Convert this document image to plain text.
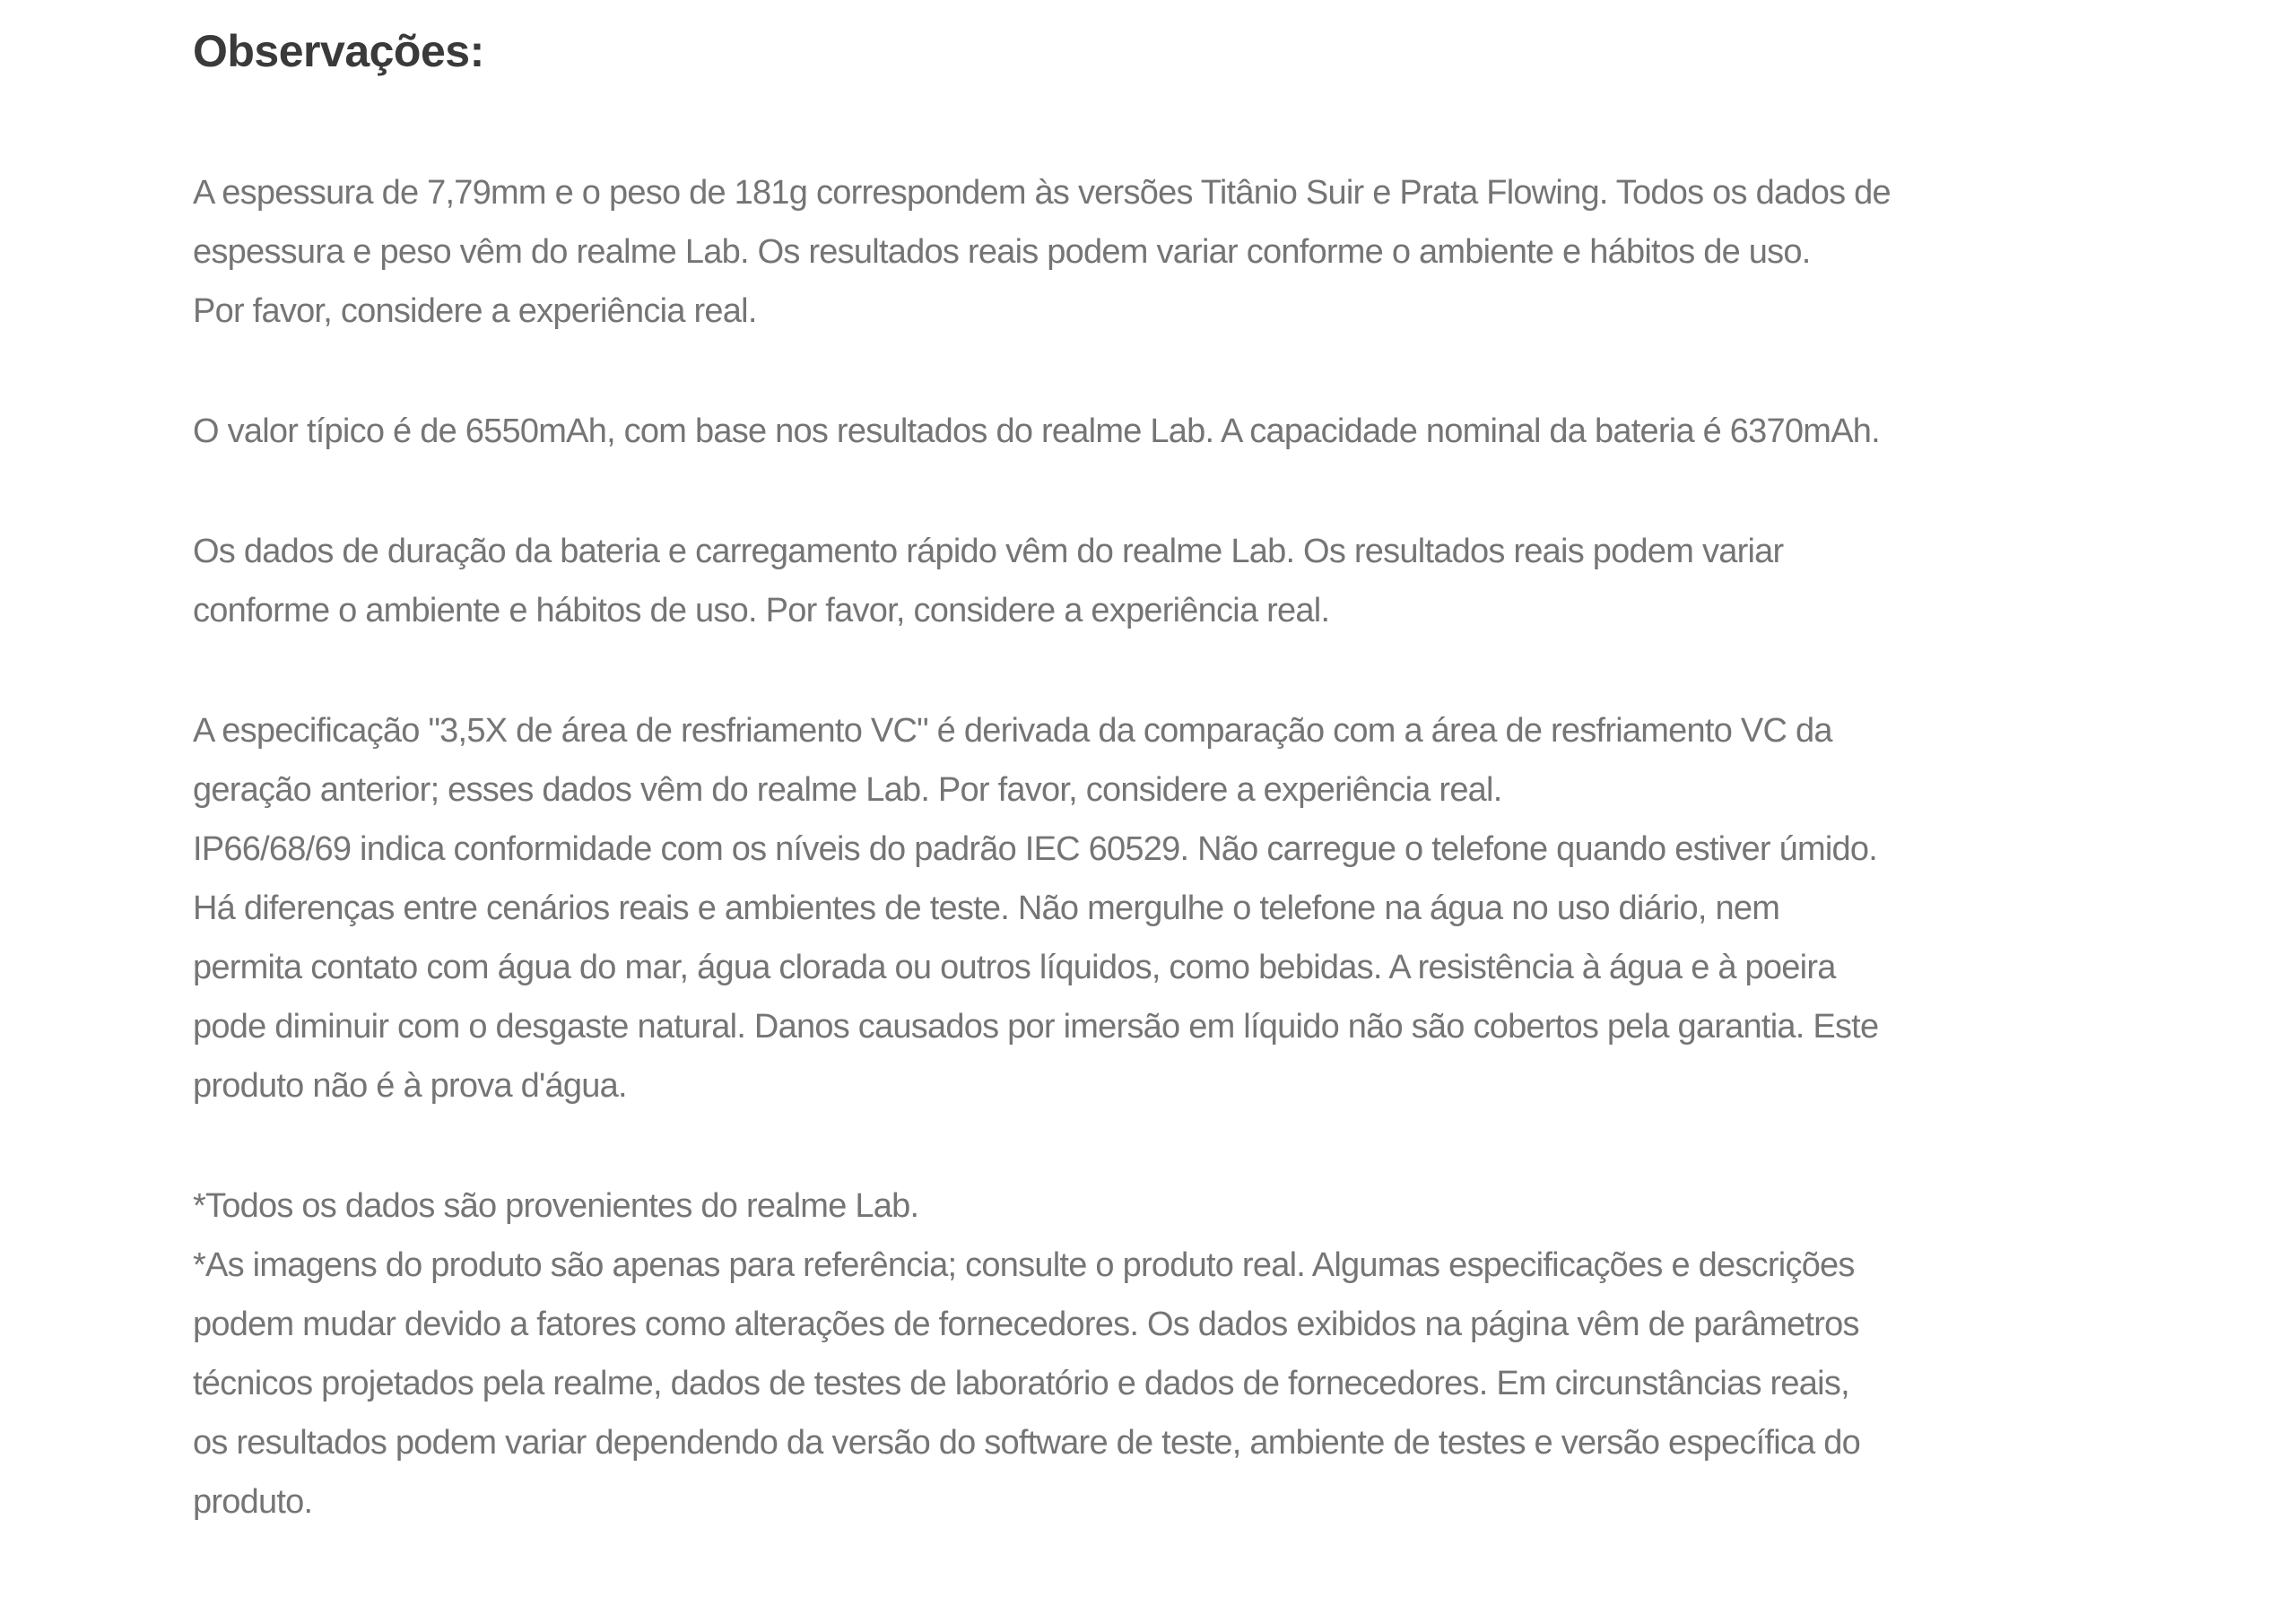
Observações:

A espessura de 7,79mm e o peso de 181g correspondem às versões Titânio Suir e Prata Flowing. Todos os dados de
espessura e peso vêm do realme Lab. Os resultados reais podem variar conforme o ambiente e hábitos de uso.
Por favor, considere a experiência real.

O valor típico é de 6550mAh, com base nos resultados do realme Lab. A capacidade nominal da bateria é 6370mAh.

Os dados de duração da bateria e carregamento rápido vêm do realme Lab. Os resultados reais podem variar
conforme o ambiente e hábitos de uso. Por favor, considere a experiência real.

A especificação "3,5X de área de resfriamento VC" é derivada da comparação com a área de resfriamento VC da
geração anterior; esses dados vêm do realme Lab. Por favor, considere a experiência real.
IP66/68/69 indica conformidade com os níveis do padrão IEC 60529. Não carregue o telefone quando estiver úmido.
Há diferenças entre cenários reais e ambientes de teste. Não mergulhe o telefone na água no uso diário, nem
permita contato com água do mar, água clorada ou outros líquidos, como bebidas. A resistência à água e à poeira
pode diminuir com o desgaste natural. Danos causados por imersão em líquido não são cobertos pela garantia. Este
produto não é à prova d'água.

*Todos os dados são provenientes do realme Lab.
*As imagens do produto são apenas para referência; consulte o produto real. Algumas especificações e descrições
podem mudar devido a fatores como alterações de fornecedores. Os dados exibidos na página vêm de parâmetros
técnicos projetados pela realme, dados de testes de laboratório e dados de fornecedores. Em circunstâncias reais,
os resultados podem variar dependendo da versão do software de teste, ambiente de testes e versão específica do
produto.
